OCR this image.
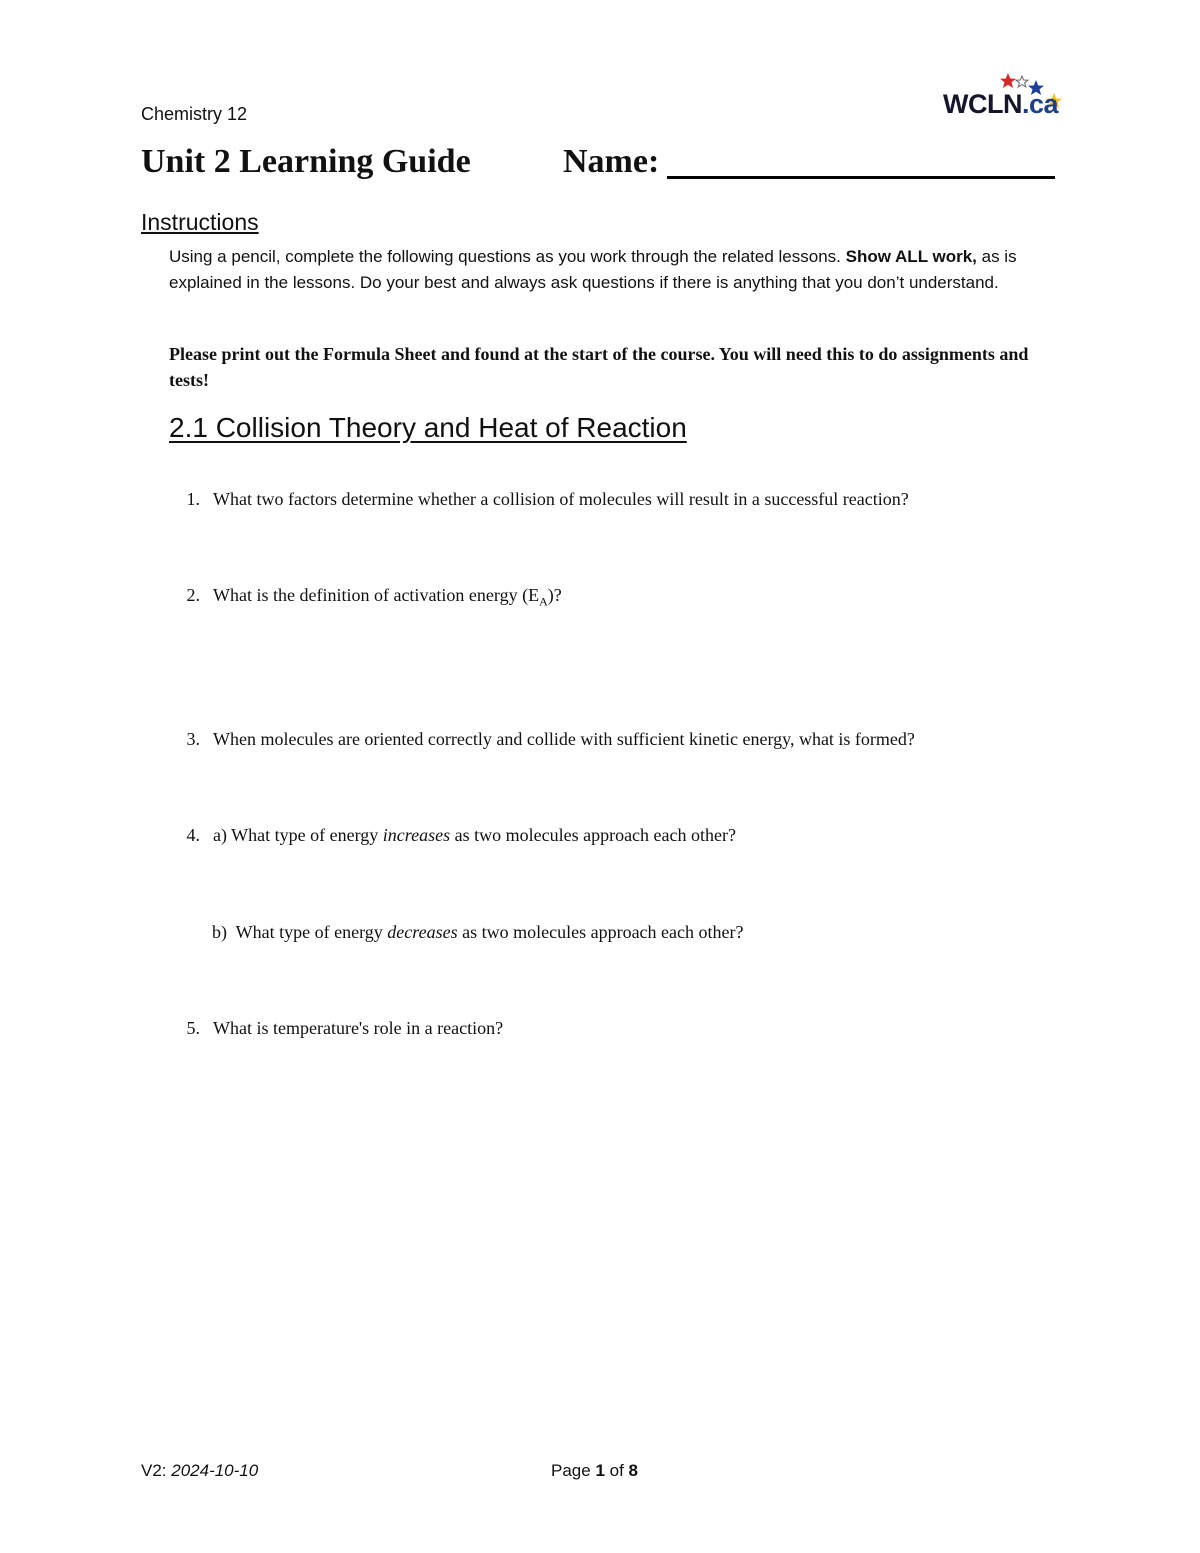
Chemistry 12	WCLN.ca
Unit 2 Learning Guide	Name:
Instructions
Using a pencil, complete the following questions as you work through the related lessons. Show ALL work, as is explained in the lessons. Do your best and always ask questions if there is anything that you don’t understand.
Please print out the Formula Sheet and found at the start of the course. You will need this to do assignments and tests!
2.1 Collision Theory and Heat of Reaction
1. What two factors determine whether a collision of molecules will result in a successful reaction?
2. What is the definition of activation energy $(E_A)$?
3. When molecules are oriented correctly and collide with sufficient kinetic energy, what is formed?
4. a) What type of energy increases as two molecules approach each other?
b)  What type of energy decreases as two molecules approach each other?
5. What is temperature's role in a reaction?
V2: 2024-10-10	Page 1 of 8
